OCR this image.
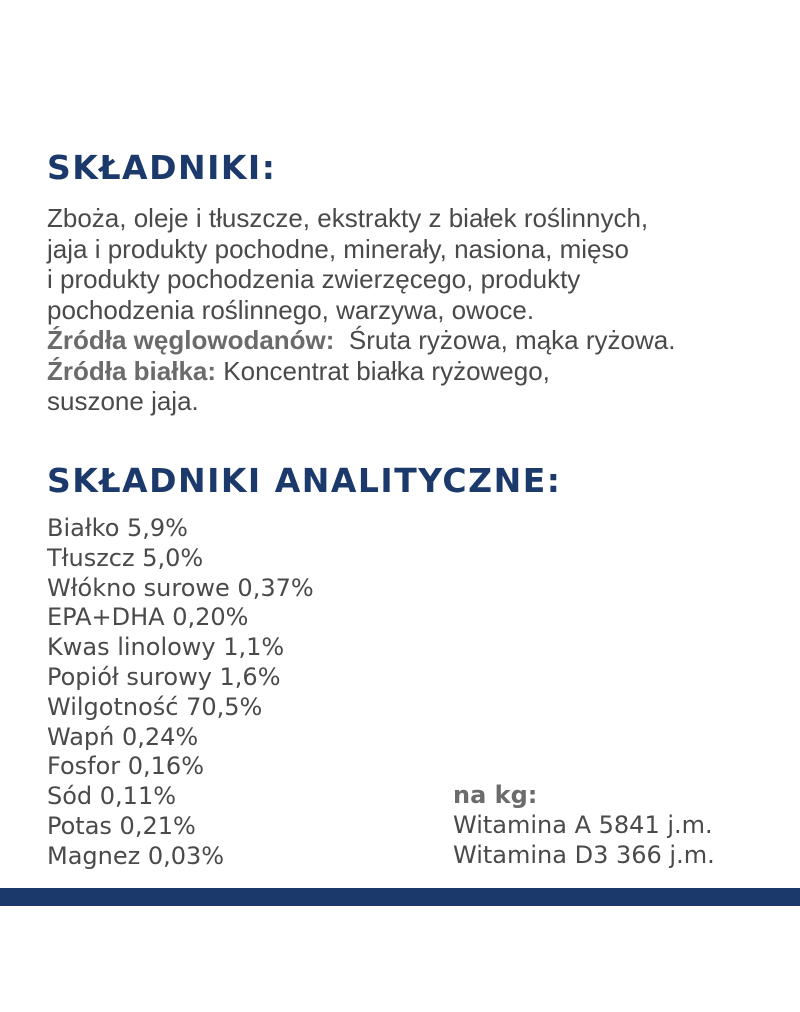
SKŁADNIKI:

Zboża, oleje i tłuszcze, ekstrakty z białek roślinnych,

jaja i produkty pochodne, minerały, nasiona, mięso

i produkty pochodzenia zwierzęcego, produkty

pochodzenia roślinnego, warzywa, owoce.

Źródła węglowodanów: Śruta ryżowa, mąka ryżowa.

Źródła białka: Koncentrat białka ryżowego,

suszone jaja.

SKŁADNIKI ANALITYCZNE:
Białko 5,9%
Tłuszcz 5,0%
Włókno surowe 0,37%
EPA+DHA 0,20%
Kwas linolowy 1,1%
Popiół surowy 1,6%
Wilgotność 70,5%
Wapń 0,24%
Fosfor 0,16%
Sód 0,11%
Potas 0,21%
Magnez 0,03%
na kg:
Witamina A 5841 j.m.
Witamina D3 366 j.m.
